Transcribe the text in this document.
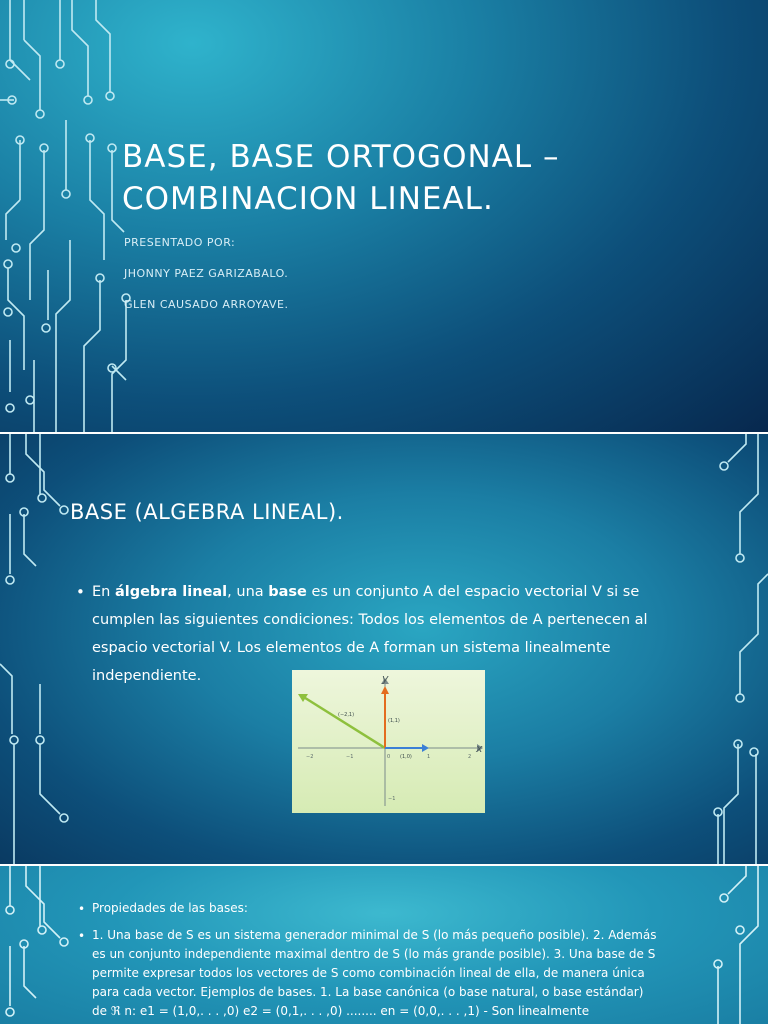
BASE, BASE ORTOGONAL –
COMBINACION LINEAL.
PRESENTADO POR:
JHONNY PAEZ GARIZABALO.
GLEN CAUSADO ARROYAVE.
BASE (ALGEBRA LINEAL).
• En álgebra lineal, una base es un conjunto A del espacio vectorial V si se
cumplen las siguientes condiciones: Todos los elementos de A pertenecen al
espacio vectorial V. Los elementos de A forman un sistema linealmente
independiente.	y
x
(−2,1)
(1,1)
(1,0)
−2	−1	0	1	2
−1
• Propiedades de las bases:
• 1. Una base de S es un sistema generador minimal de S (lo más pequeño posible). 2. Además
es un conjunto independiente maximal dentro de S (lo más grande posible). 3. Una base de S
permite expresar todos los vectores de S como combinación lineal de ella, de manera única
para cada vector. Ejemplos de bases. 1. La base canónica (o base natural, o base estándar)
de ℜ n: e1 = (1,0,. . . ,0) e2 = (0,1,. . . ,0) ........ en = (0,0,. . . ,1) - Son linealmente
